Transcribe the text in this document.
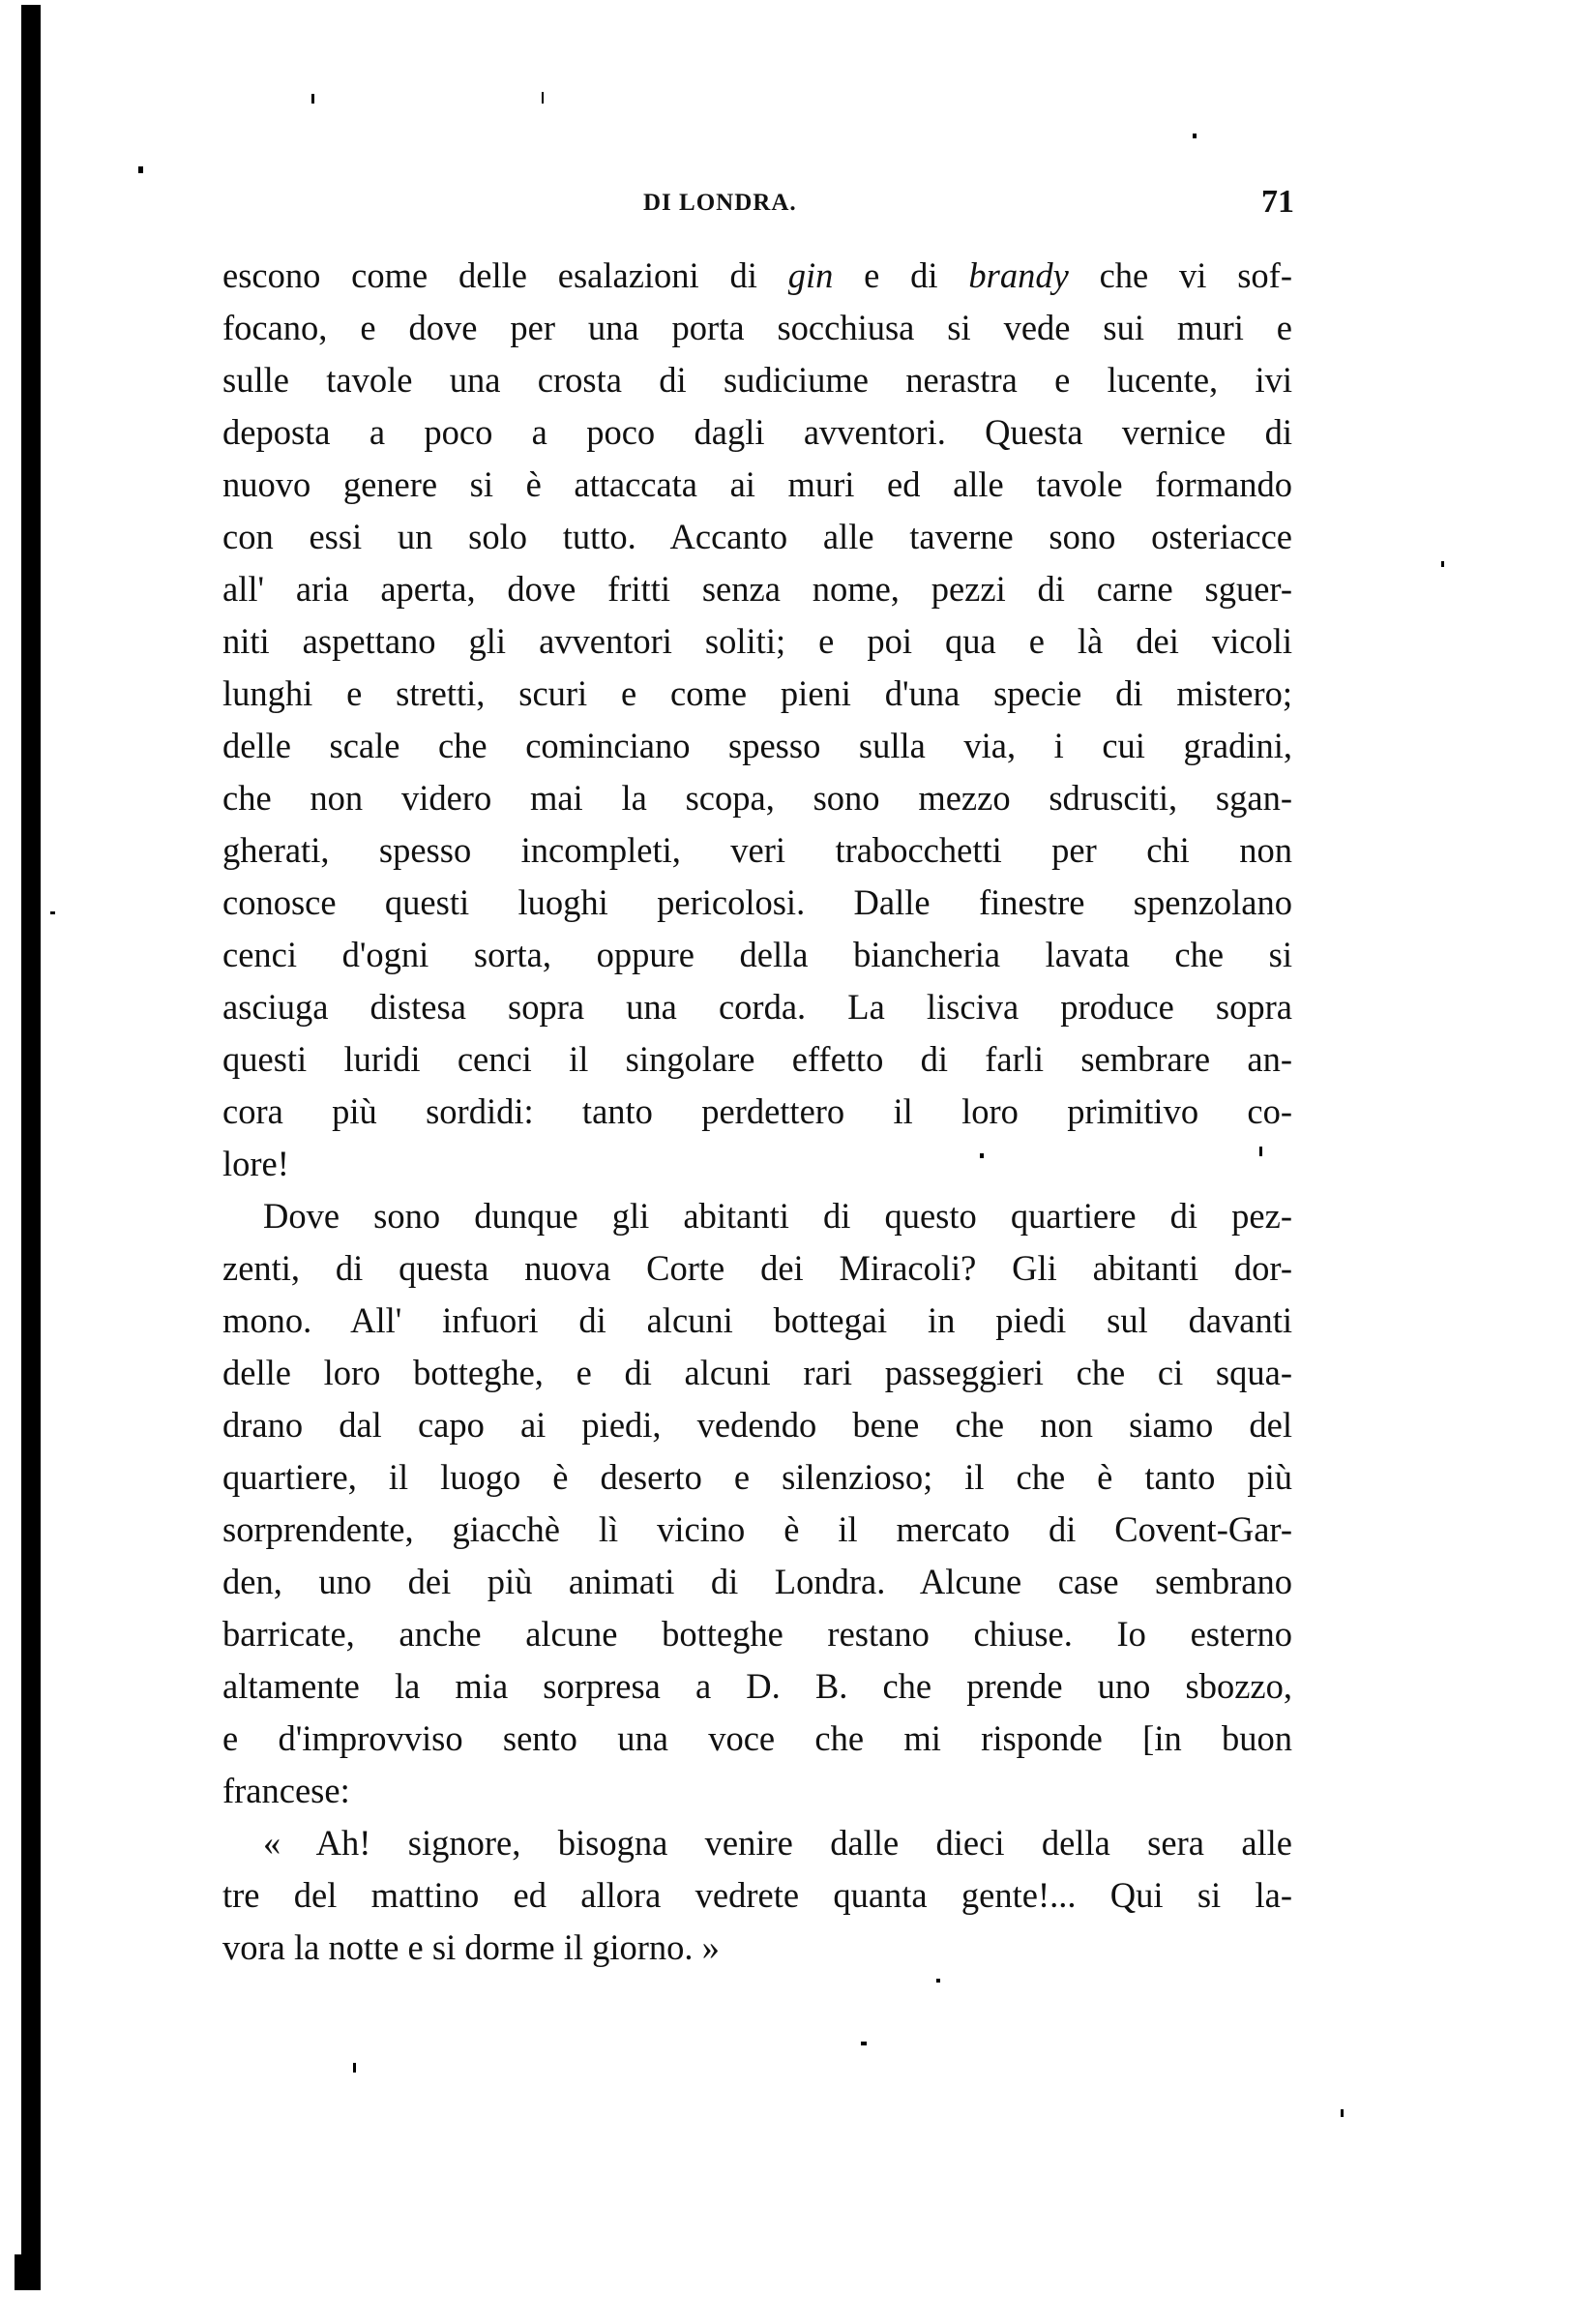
DI LONDRA.	71
escono come delle esalazioni di gin e di brandy che vi sof-
focano, e dove per una porta socchiusa si vede sui muri e
sulle tavole una crosta di sudiciume nerastra e lucente, ivi
deposta a poco a poco dagli avventori. Questa vernice di
nuovo genere si è attaccata ai muri ed alle tavole formando
con essi un solo tutto. Accanto alle taverne sono osteriacce
all' aria aperta, dove fritti senza nome, pezzi di carne sguer-
niti aspettano gli avventori soliti; e poi qua e là dei vicoli
lunghi e stretti, scuri e come pieni d'una specie di mistero;
delle scale che cominciano spesso sulla via, i cui gradini,
che non videro mai la scopa, sono mezzo sdrusciti, sgan-
gherati, spesso incompleti, veri trabocchetti per chi non
conosce questi luoghi pericolosi. Dalle finestre spenzolano
cenci d'ogni sorta, oppure della biancheria lavata che si
asciuga distesa sopra una corda. La lisciva produce sopra
questi luridi cenci il singolare effetto di farli sembrare an-
cora più sordidi: tanto perdettero il loro primitivo co-
lore!
Dove sono dunque gli abitanti di questo quartiere di pez-
zenti, di questa nuova Corte dei Miracoli? Gli abitanti dor-
mono. All' infuori di alcuni bottegai in piedi sul davanti
delle loro botteghe, e di alcuni rari passeggieri che ci squa-
drano dal capo ai piedi, vedendo bene che non siamo del
quartiere, il luogo è deserto e silenzioso; il che è tanto più
sorprendente, giacchè lì vicino è il mercato di Covent-Gar-
den, uno dei più animati di Londra. Alcune case sembrano
barricate, anche alcune botteghe restano chiuse. Io esterno
altamente la mia sorpresa a D. B. che prende uno sbozzo,
e d'improvviso sento una voce che mi risponde [in buon
francese:
« Ah! signore, bisogna venire dalle dieci della sera alle
tre del mattino ed allora vedrete quanta gente!... Qui si la-
vora la notte e si dorme il giorno. »
